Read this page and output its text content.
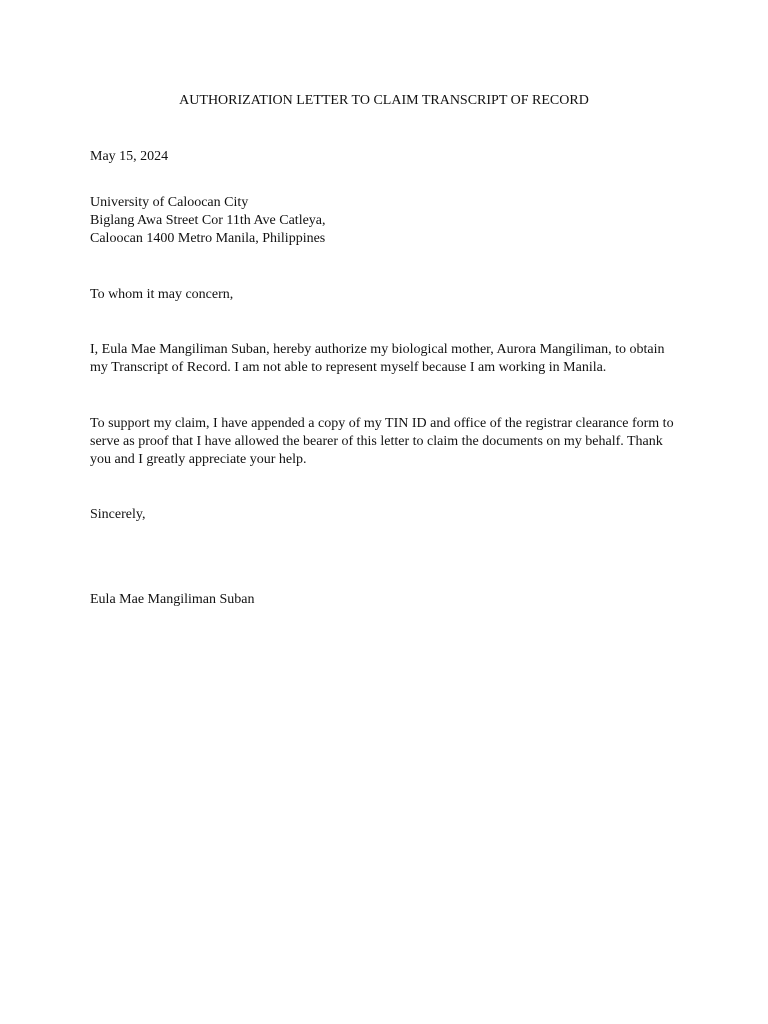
AUTHORIZATION LETTER TO CLAIM TRANSCRIPT OF RECORD
May 15, 2024
University of Caloocan City
Biglang Awa Street Cor 11th Ave Catleya,
Caloocan 1400 Metro Manila, Philippines
To whom it may concern,
I, Eula Mae Mangiliman Suban, hereby authorize my biological mother, Aurora Mangiliman, to obtain
my Transcript of Record. I am not able to represent myself because I am working in Manila.
To support my claim, I have appended a copy of my TIN ID and office of the registrar clearance form to
serve as proof that I have allowed the bearer of this letter to claim the documents on my behalf. Thank
you and I greatly appreciate your help.
Sincerely,
Eula Mae Mangiliman Suban
